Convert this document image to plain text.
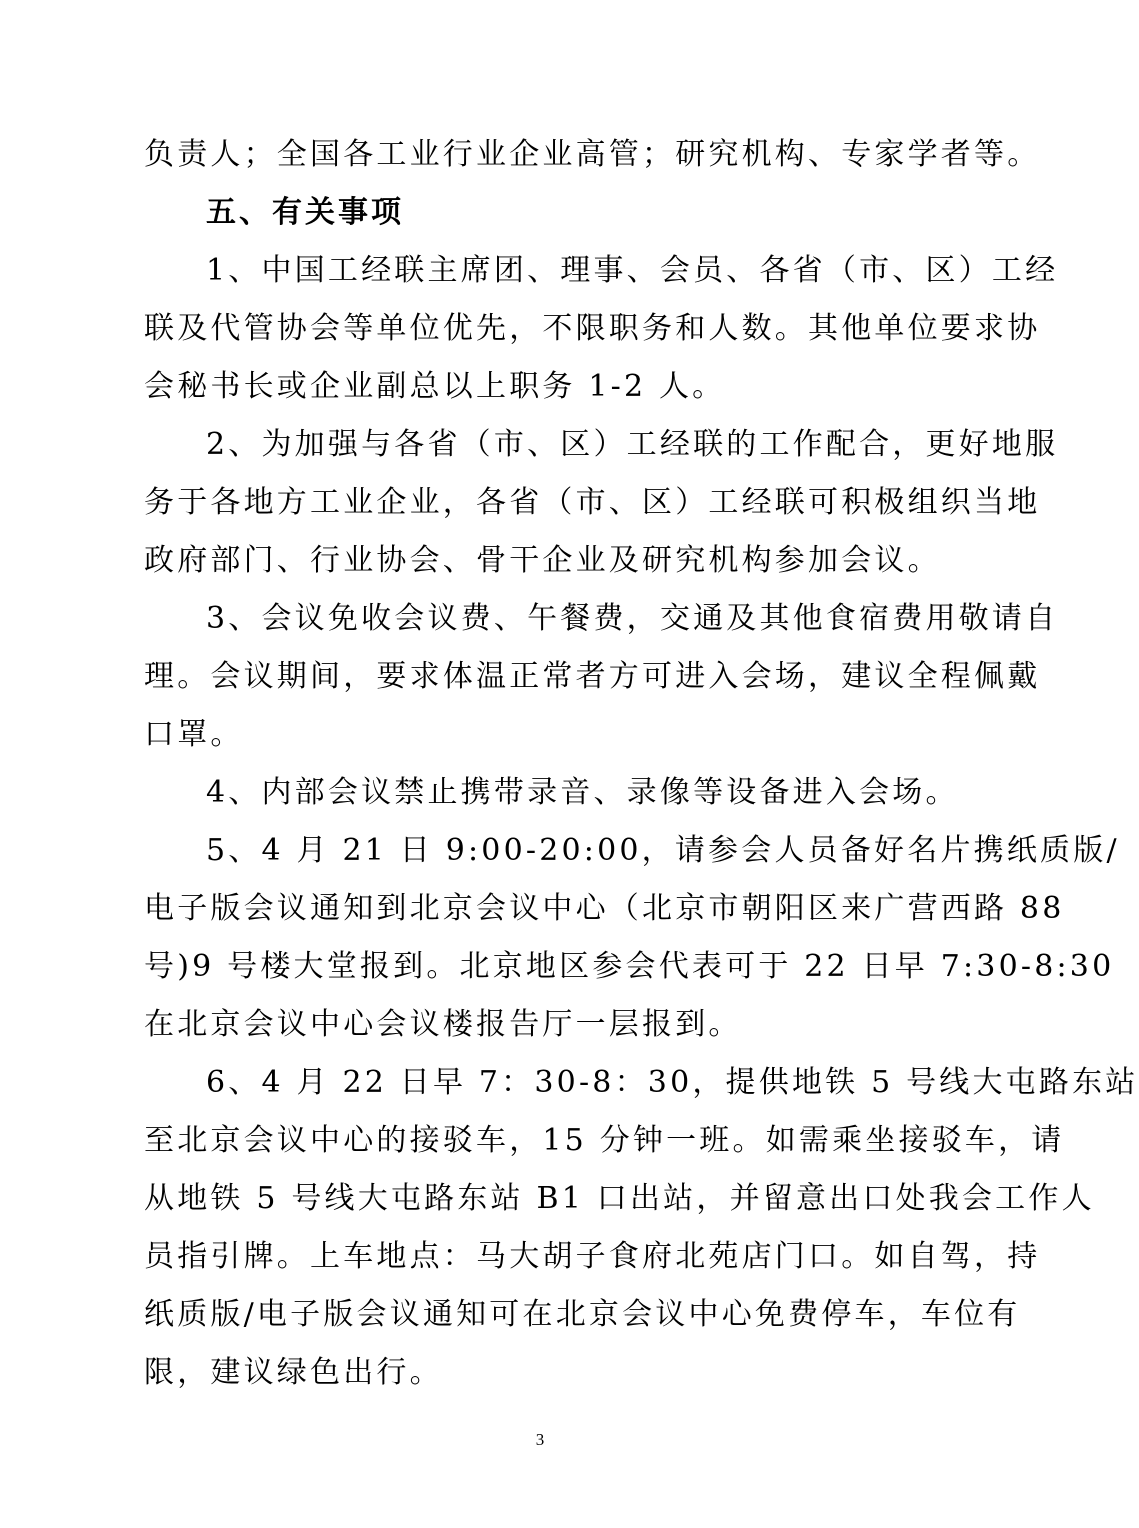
负责人；全国各工业行业企业高管；研究机构、专家学者等。
五、有关事项
1、中国工经联主席团、理事、会员、各省（市、区）工经
联及代管协会等单位优先，不限职务和人数。其他单位要求协
会秘书长或企业副总以上职务 1-2 人。
2、为加强与各省（市、区）工经联的工作配合，更好地服
务于各地方工业企业，各省（市、区）工经联可积极组织当地
政府部门、行业协会、骨干企业及研究机构参加会议。
3、会议免收会议费、午餐费，交通及其他食宿费用敬请自
理。会议期间，要求体温正常者方可进入会场，建议全程佩戴
口罩。
4、内部会议禁止携带录音、录像等设备进入会场。
5、4 月 21 日 9:00-20:00，请参会人员备好名片携纸质版/
电子版会议通知到北京会议中心（北京市朝阳区来广营西路 88
号)9 号楼大堂报到。北京地区参会代表可于 22 日早 7:30-8:30
在北京会议中心会议楼报告厅一层报到。
6、4 月 22 日早 7：30-8：30，提供地铁 5 号线大屯路东站
至北京会议中心的接驳车，15 分钟一班。如需乘坐接驳车，请
从地铁 5 号线大屯路东站 B1 口出站，并留意出口处我会工作人
员指引牌。上车地点：马大胡子食府北苑店门口。如自驾，持
纸质版/电子版会议通知可在北京会议中心免费停车，车位有
限，建议绿色出行。
3
